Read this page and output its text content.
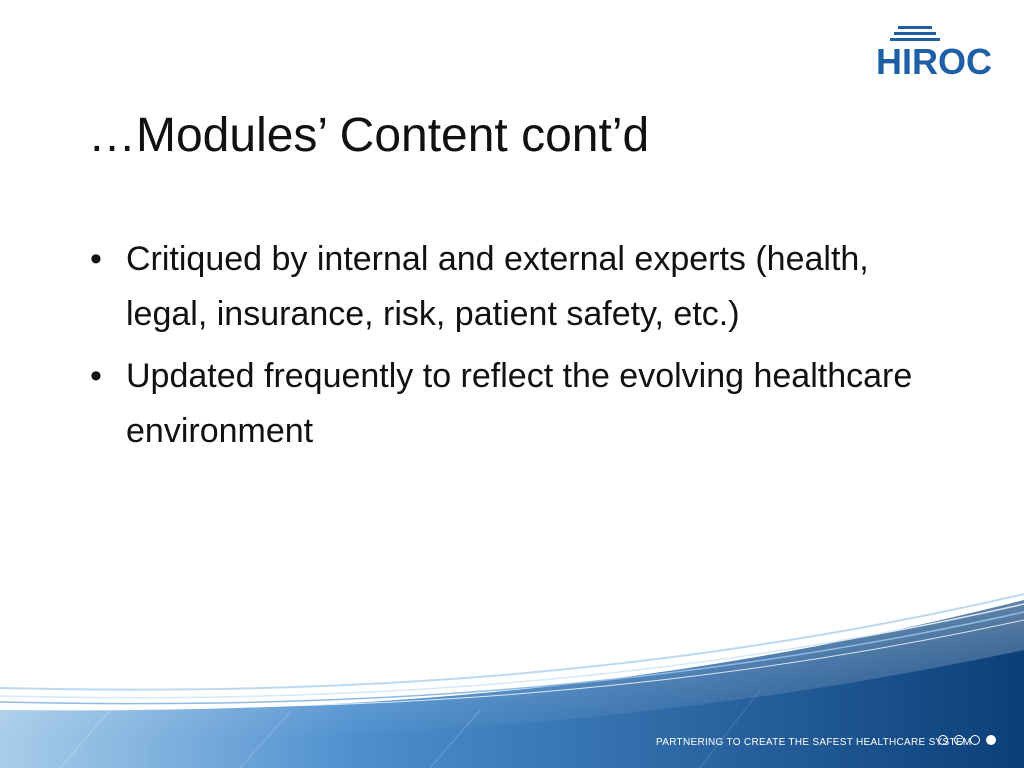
HIROC
…Modules’ Content cont’d
• Critiqued by internal and external experts (health, legal, insurance, risk, patient safety, etc.)
• Updated frequently to reflect the evolving healthcare environment
PARTNERING TO CREATE THE SAFEST HEALTHCARE SYSTEM
